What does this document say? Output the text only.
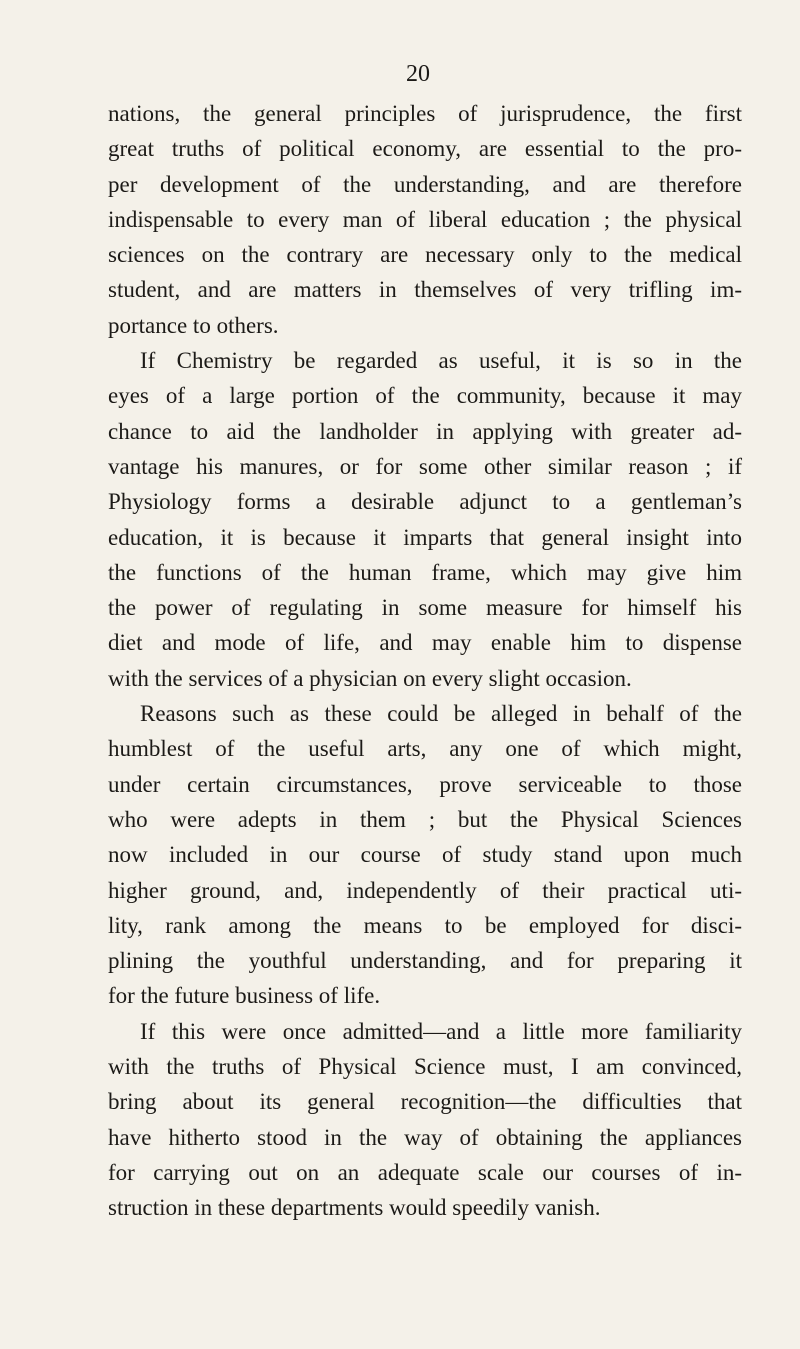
20
nations, the general principles of jurisprudence, the first
great truths of political economy, are essential to the pro-
per development of the understanding, and are therefore
indispensable to every man of liberal education ; the physical
sciences on the contrary are necessary only to the medical
student, and are matters in themselves of very trifling im-
portance to others.
If Chemistry be regarded as useful, it is so in the
eyes of a large portion of the community, because it may
chance to aid the landholder in applying with greater ad-
vantage his manures, or for some other similar reason ; if
Physiology forms a desirable adjunct to a gentleman’s
education, it is because it imparts that general insight into
the functions of the human frame, which may give him
the power of regulating in some measure for himself his
diet and mode of life, and may enable him to dispense
with the services of a physician on every slight occasion.
Reasons such as these could be alleged in behalf of the
humblest of the useful arts, any one of which might,
under certain circumstances, prove serviceable to those
who were adepts in them ; but the Physical Sciences
now included in our course of study stand upon much
higher ground, and, independently of their practical uti-
lity, rank among the means to be employed for disci-
plining the youthful understanding, and for preparing it
for the future business of life.
If this were once admitted—and a little more familiarity
with the truths of Physical Science must, I am convinced,
bring about its general recognition—the difficulties that
have hitherto stood in the way of obtaining the appliances
for carrying out on an adequate scale our courses of in-
struction in these departments would speedily vanish.
